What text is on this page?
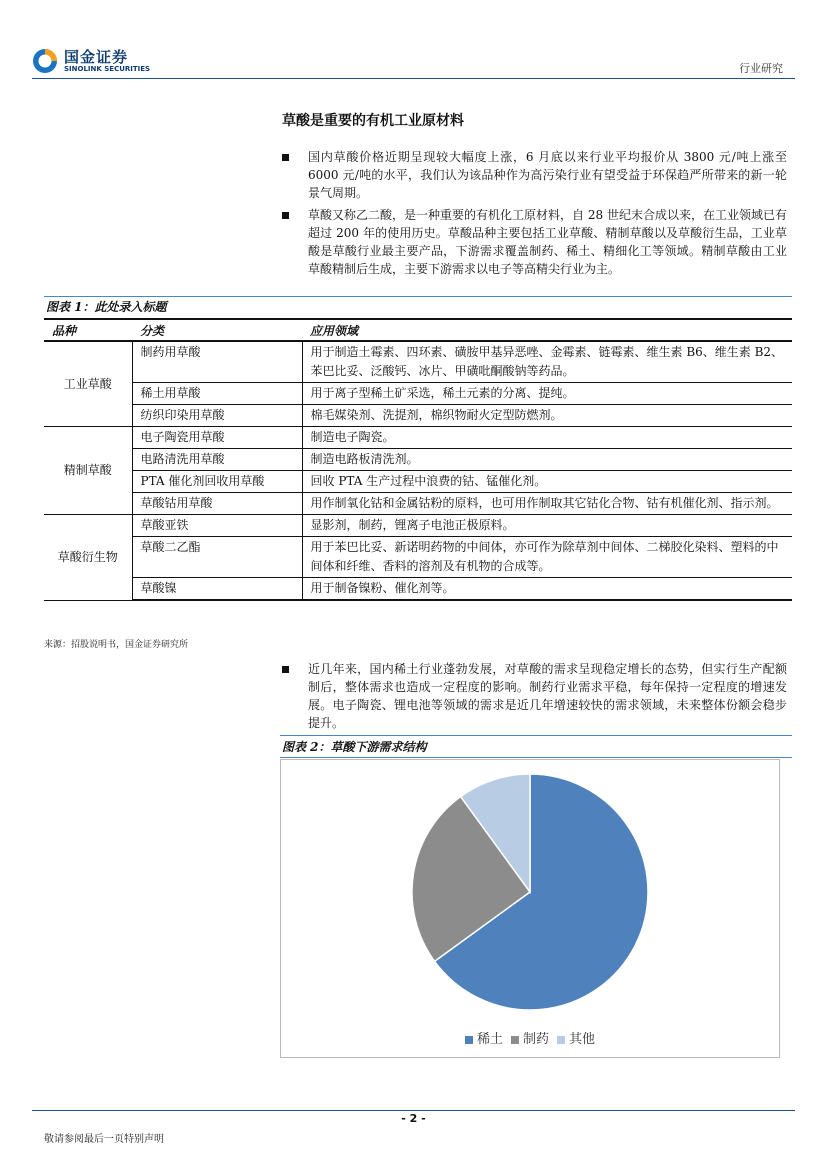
国金证券
SINOLINK SECURITIES	行业研究
草酸是重要的有机工业原材料
国内草酸价格近期呈现较大幅度上涨，6 月底以来行业平均报价从 3800 元/吨上涨至 6000 元/吨的水平，我们认为该品种作为高污染行业有望受益于环保趋严所带来的新一轮景气周期。
草酸又称乙二酸，是一种重要的有机化工原材料，自 28 世纪末合成以来，在工业领域已有超过 200 年的使用历史。草酸品种主要包括工业草酸、精制草酸以及草酸衍生品，工业草酸是草酸行业最主要产品，下游需求覆盖制药、稀土、精细化工等领域。精制草酸由工业草酸精制后生成，主要下游需求以电子等高精尖行业为主。
图表 1：此处录入标题
品种	分类	应用领域
工业草酸	制药用草酸	用于制造土霉素、四环素、磺胺甲基异恶唑、金霉素、链霉素、维生素 B6、维生素 B2、苯巴比妥、泛酸钙、冰片、甲磺吡酮酸钠等药品。
	稀土用草酸	用于离子型稀土矿采选，稀土元素的分离、提纯。
	纺织印染用草酸	棉毛媒染剂、洗提剂，棉织物耐火定型防燃剂。
精制草酸	电子陶瓷用草酸	制造电子陶瓷。
	电路清洗用草酸	制造电路板清洗剂。
	PTA 催化剂回收用草酸	回收 PTA 生产过程中浪费的钴、锰催化剂。
	草酸钴用草酸	用作制氧化钴和金属钴粉的原料，也可用作制取其它钴化合物、钴有机催化剂、指示剂。
草酸衍生物	草酸亚铁	显影剂，制药，锂离子电池正极原料。
	草酸二乙酯	用于苯巴比妥、新诺明药物的中间体，亦可作为除草剂中间体、二梯胶化染料、塑料的中间体和纤维、香料的溶剂及有机物的合成等。
	草酸镍	用于制备镍粉、催化剂等。
来源：招股说明书，国金证券研究所
近几年来，国内稀土行业蓬勃发展，对草酸的需求呈现稳定增长的态势，但实行生产配额制后，整体需求也造成一定程度的影响。制药行业需求平稳，每年保持一定程度的增速发展。电子陶瓷、锂电池等领域的需求是近几年增速较快的需求领域，未来整体份额会稳步提升。
图表 2：草酸下游需求结构
稀土 制药 其他
- 2 -
敬请参阅最后一页特别声明
